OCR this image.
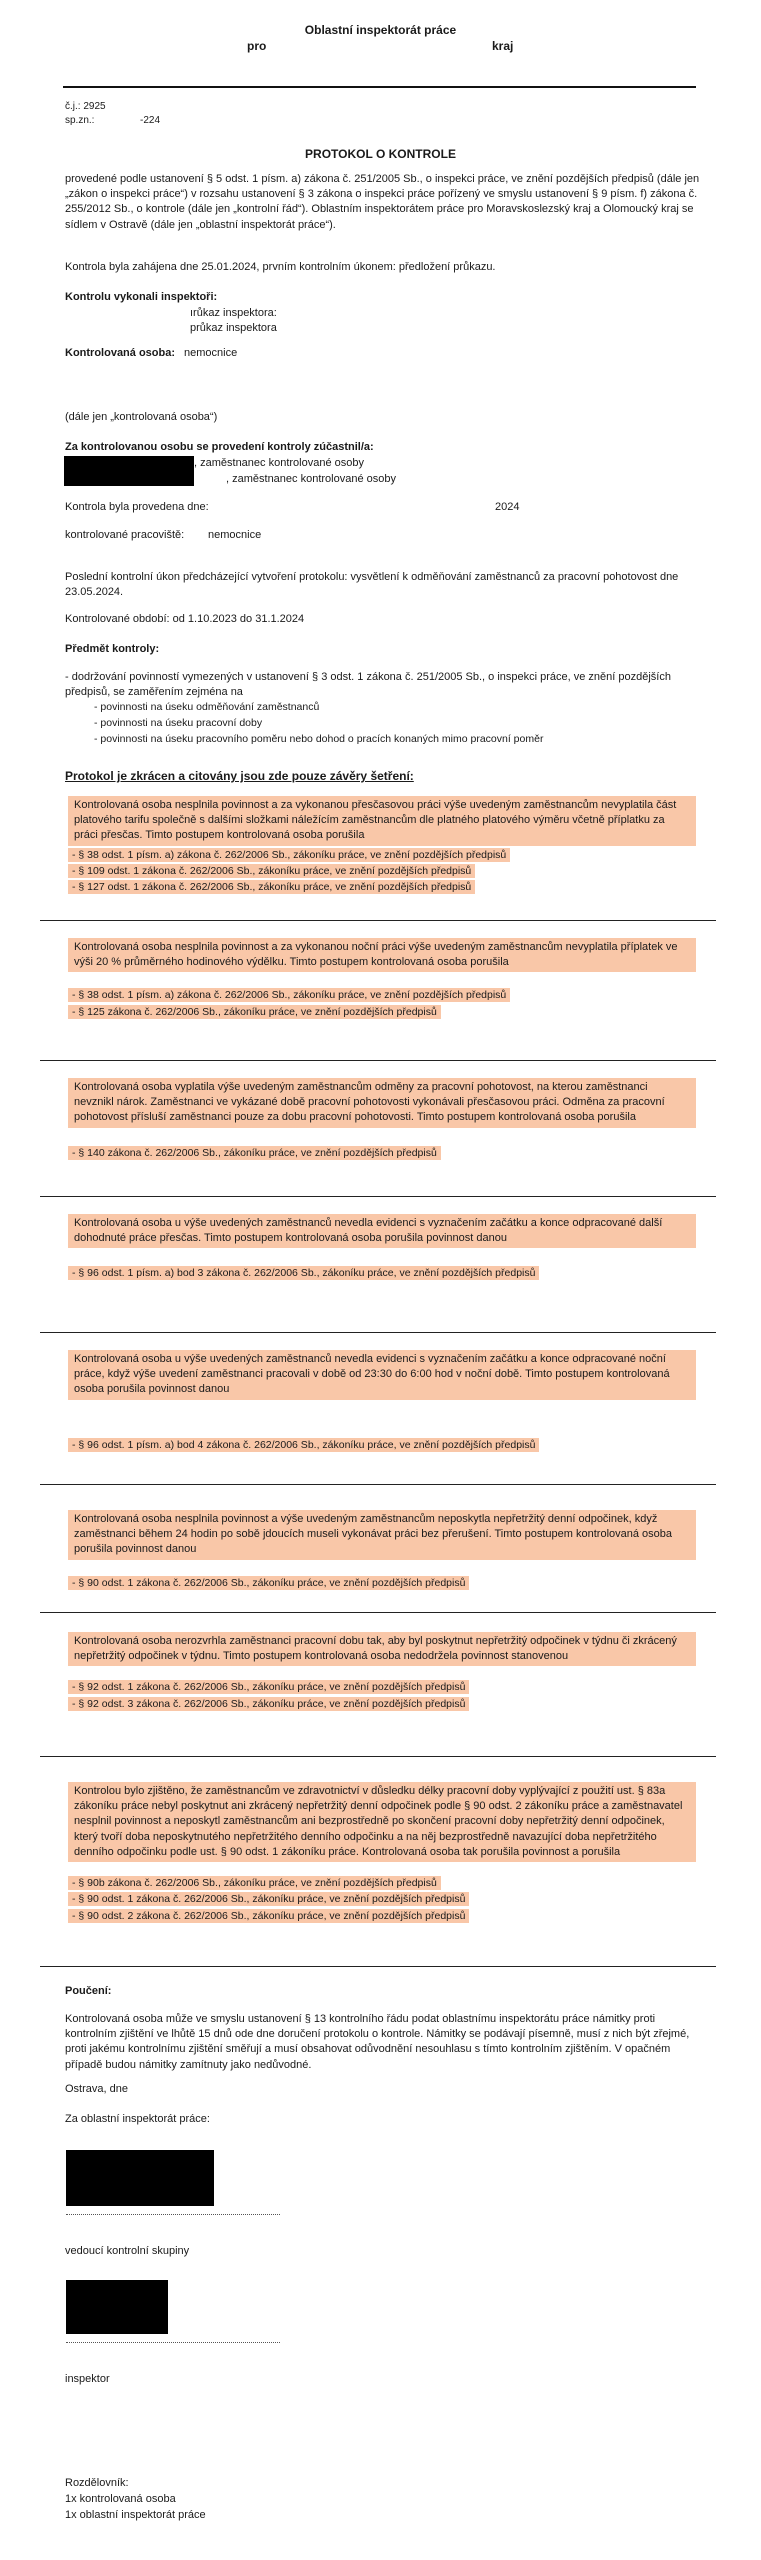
Oblastní inspektorát práce
pro	kraj
č.j.: 2925
sp.zn.:	-224
PROTOKOL O KONTROLE
provedené podle ustanovení § 5 odst. 1 písm. a) zákona č. 251/2005 Sb., o inspekci práce, ve znění pozdějších předpisů (dále jen „zákon o inspekci práce“) v rozsahu ustanovení § 3 zákona o inspekci práce pořízený ve smyslu ustanovení § 9 písm. f) zákona č. 255/2012 Sb., o kontrole (dále jen „kontrolní řád“). Oblastním inspektorátem práce pro Moravskoslezský kraj a Olomoucký kraj se sídlem v Ostravě (dále jen „oblastní inspektorát práce“).
Kontrola byla zahájena dne 25.01.2024, prvním kontrolním úkonem: předložení průkazu.
Kontrolu vykonali inspektoři:
ırůkaz inspektora:
průkaz inspektora
Kontrolovaná osoba: nemocnice
(dále jen „kontrolovaná osoba“)
Za kontrolovanou osobu se provedení kontroly zúčastnil/a:
, zaměstnanec kontrolované osoby
, zaměstnanec kontrolované osoby
Kontrola byla provedena dne:	2024
kontrolované pracoviště:	nemocnice
Poslední kontrolní úkon předcházející vytvoření protokolu: vysvětlení k odměňování zaměstnanců za pracovní pohotovost dne 23.05.2024.
Kontrolované období: od 1.10.2023 do 31.1.2024
Předmět kontroly:
- dodržování povinností vymezených v ustanovení § 3 odst. 1 zákona č. 251/2005 Sb., o inspekci práce, ve znění pozdějších předpisů, se zaměřením zejména na
- povinnosti na úseku odměňování zaměstnanců
- povinnosti na úseku pracovní doby
- povinnosti na úseku pracovního poměru nebo dohod o pracích konaných mimo pracovní poměr
Protokol je zkrácen a citovány jsou zde pouze závěry šetření:
Kontrolovaná osoba nesplnila povinnost a za vykonanou přesčasovou práci výše uvedeným zaměstnancům nevyplatila část platového tarifu společně s dalšími složkami náležícím zaměstnancům dle platného platového výměru včetně příplatku za práci přesčas. Timto postupem kontrolovaná osoba porušila
- § 38 odst. 1 písm. a) zákona č. 262/2006 Sb., zákoníku práce, ve znění pozdějších předpisů
- § 109 odst. 1 zákona č. 262/2006 Sb., zákoníku práce, ve znění pozdějších předpisů
- § 127 odst. 1 zákona č. 262/2006 Sb., zákoníku práce, ve znění pozdějších předpisů
Kontrolovaná osoba nesplnila povinnost a za vykonanou noční práci výše uvedeným zaměstnancům nevyplatila příplatek ve výši 20 % průměrného hodinového výdělku. Timto postupem kontrolovaná osoba porušila
- § 38 odst. 1 písm. a) zákona č. 262/2006 Sb., zákoníku práce, ve znění pozdějších předpisů
- § 125 zákona č. 262/2006 Sb., zákoníku práce, ve znění pozdějších předpisů
Kontrolovaná osoba vyplatila výše uvedeným zaměstnancům odměny za pracovní pohotovost, na kterou zaměstnanci nevznikl nárok. Zaměstnanci ve vykázané době pracovní pohotovosti vykonávali přesčasovou práci. Odměna za pracovní pohotovost přísluší zaměstnanci pouze za dobu pracovní pohotovosti. Timto postupem kontrolovaná osoba porušila
- § 140 zákona č. 262/2006 Sb., zákoníku práce, ve znění pozdějších předpisů
Kontrolovaná osoba u výše uvedených zaměstnanců nevedla evidenci s vyznačením začátku a konce odpracované další dohodnuté práce přesčas. Timto postupem kontrolovaná osoba porušila povinnost danou
- § 96 odst. 1 písm. a) bod 3 zákona č. 262/2006 Sb., zákoníku práce, ve znění pozdějších předpisů
Kontrolovaná osoba u výše uvedených zaměstnanců nevedla evidenci s vyznačením začátku a konce odpracované noční práce, když výše uvedení zaměstnanci pracovali v době od 23:30 do 6:00 hod v noční době. Timto postupem kontrolovaná osoba porušila povinnost danou
- § 96 odst. 1 písm. a) bod 4 zákona č. 262/2006 Sb., zákoníku práce, ve znění pozdějších předpisů
Kontrolovaná osoba nesplnila povinnost a výše uvedeným zaměstnancům neposkytla nepřetržitý denní odpočinek, když zaměstnanci během 24 hodin po sobě jdoucích museli vykonávat práci bez přerušení. Timto postupem kontrolovaná osoba porušila povinnost danou
- § 90 odst. 1 zákona č. 262/2006 Sb., zákoníku práce, ve znění pozdějších předpisů
Kontrolovaná osoba nerozvrhla zaměstnanci pracovní dobu tak, aby byl poskytnut nepřetržitý odpočinek v týdnu či zkrácený nepřetržitý odpočinek v týdnu. Timto postupem kontrolovaná osoba nedodržela povinnost stanovenou
- § 92 odst. 1 zákona č. 262/2006 Sb., zákoníku práce, ve znění pozdějších předpisů
- § 92 odst. 3 zákona č. 262/2006 Sb., zákoníku práce, ve znění pozdějších předpisů
Kontrolou bylo zjištěno, že zaměstnancům ve zdravotnictví v důsledku délky pracovní doby vyplývající z použití ust. § 83a zákoníku práce nebyl poskytnut ani zkrácený nepřetržitý denní odpočinek podle § 90 odst. 2 zákoníku práce a zaměstnavatel nesplnil povinnost a neposkytl zaměstnancům ani bezprostředně po skončení pracovní doby nepřetržitý denní odpočinek, který tvoří doba neposkytnutého nepřetržitého denního odpočinku a na něj bezprostředně navazující doba nepřetržitého denního odpočinku podle ust. § 90 odst. 1 zákoníku práce. Kontrolovaná osoba tak porušila povinnost a porušila
- § 90b zákona č. 262/2006 Sb., zákoníku práce, ve znění pozdějších předpisů
- § 90 odst. 1 zákona č. 262/2006 Sb., zákoníku práce, ve znění pozdějších předpisů
- § 90 odst. 2 zákona č. 262/2006 Sb., zákoníku práce, ve znění pozdějších předpisů
Poučení:
Kontrolovaná osoba může ve smyslu ustanovení § 13 kontrolního řádu podat oblastnímu inspektorátu práce námitky proti kontrolním zjištění ve lhůtě 15 dnů ode dne doručení protokolu o kontrole. Námitky se podávají písemně, musí z nich být zřejmé, proti jakému kontrolnímu zjištění směřují a musí obsahovat odůvodnění nesouhlasu s tímto kontrolním zjištěním. V opačném případě budou námitky zamítnuty jako nedůvodné.
Ostrava, dne
Za oblastní inspektorát práce:
vedoucí kontrolní skupiny
inspektor
Rozdělovník:
1x kontrolovaná osoba
1x oblastní inspektorát práce
